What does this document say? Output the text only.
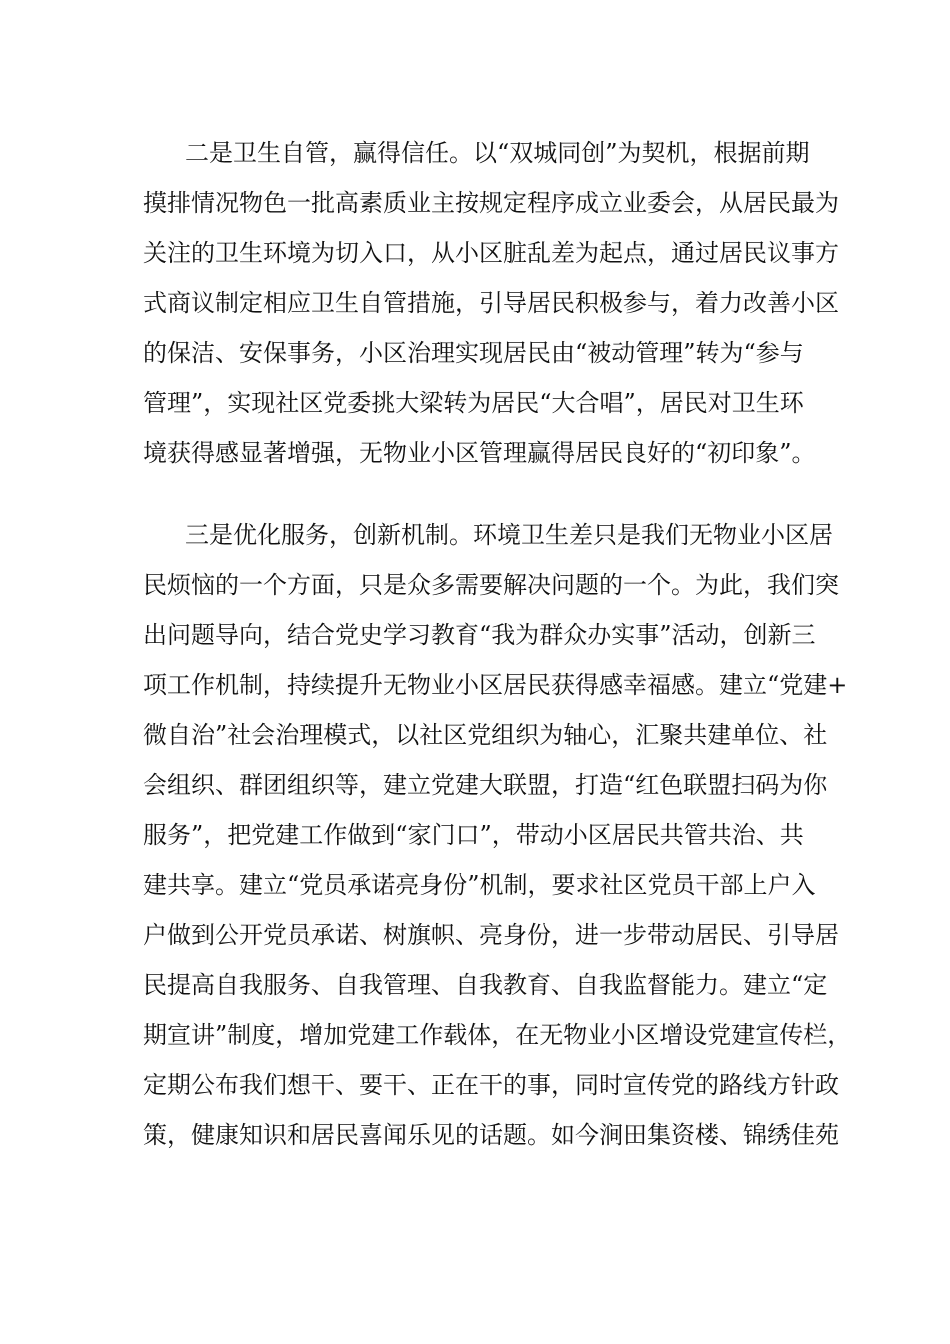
二是卫生自管，赢得信任。以“双城同创”为契机，根据前期
摸排情况物色一批高素质业主按规定程序成立业委会，从居民最为
关注的卫生环境为切入口，从小区脏乱差为起点，通过居民议事方
式商议制定相应卫生自管措施，引导居民积极参与，着力改善小区
的保洁、安保事务，小区治理实现居民由“被动管理”转为“参与
管理”，实现社区党委挑大梁转为居民“大合唱”，居民对卫生环
境获得感显著增强，无物业小区管理赢得居民良好的“初印象”。
三是优化服务，创新机制。环境卫生差只是我们无物业小区居
民烦恼的一个方面，只是众多需要解决问题的一个。为此，我们突
出问题导向，结合党史学习教育“我为群众办实事”活动，创新三
项工作机制，持续提升无物业小区居民获得感幸福感。建立“党建+
微自治”社会治理模式，以社区党组织为轴心，汇聚共建单位、社
会组织、群团组织等，建立党建大联盟，打造“红色联盟扫码为你
服务”，把党建工作做到“家门口”，带动小区居民共管共治、共
建共享。建立“党员承诺亮身份”机制，要求社区党员干部上户入
户做到公开党员承诺、树旗帜、亮身份，进一步带动居民、引导居
民提高自我服务、自我管理、自我教育、自我监督能力。建立“定
期宣讲”制度，增加党建工作载体，在无物业小区增设党建宣传栏，
定期公布我们想干、要干、正在干的事，同时宣传党的路线方针政
策，健康知识和居民喜闻乐见的话题。如今涧田集资楼、锦绣佳苑
